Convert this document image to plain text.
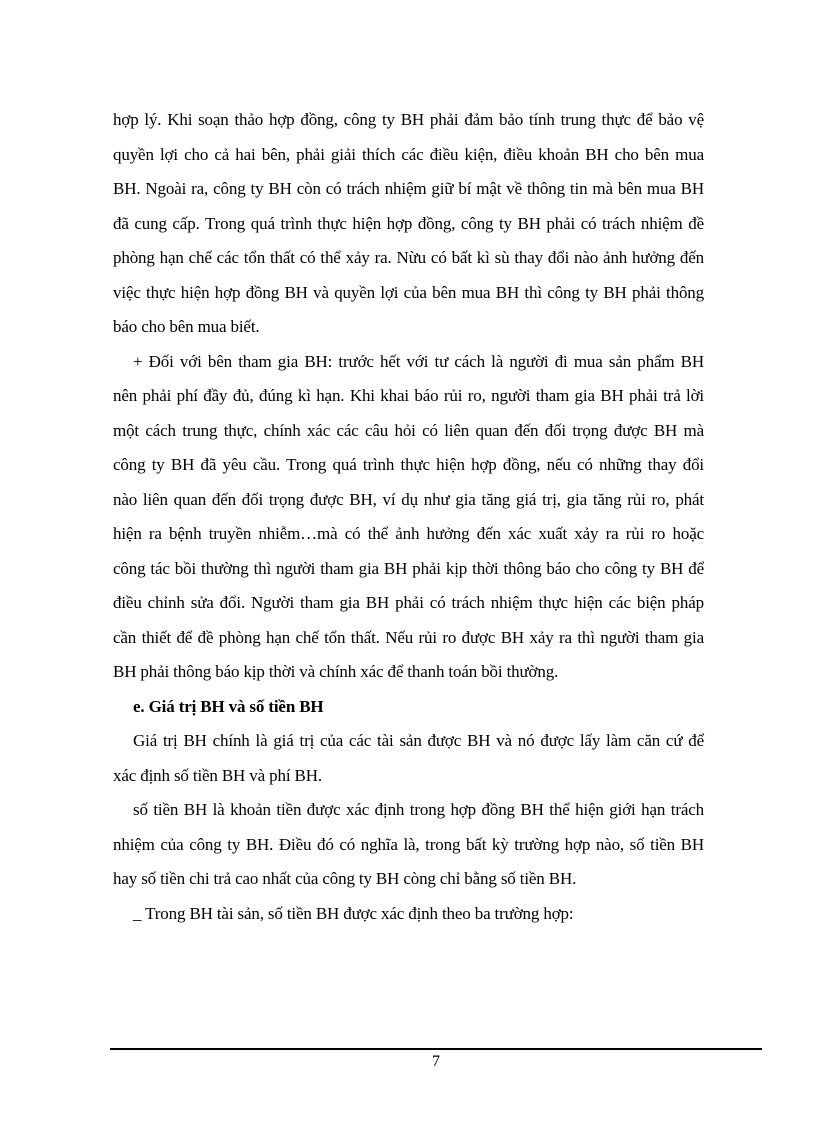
hợp lý. Khi soạn thảo hợp đồng, công ty BH phải đảm bảo tính trung thực để bảo vệ
quyền lợi cho cả hai bên, phải giải thích các điều kiện, điều khoản BH cho bên mua
BH. Ngoài ra, công ty BH còn có trách nhiệm giữ bí mật về thông tin mà bên mua BH
đã cung cấp. Trong quá trình thực hiện hợp đồng, công ty BH phải có trách nhiệm đề
phòng hạn chế các tổn thất có thể xảy ra. Nừu có bất kì sù thay đổi nào ảnh hưởng đến
việc thực hiện hợp đồng BH và quyền lợi của bên mua BH thì công ty BH phải thông
báo cho bên mua biết.
+ Đối với bên tham gia BH: trước hết với tư cách là người đi mua sản phẩm BH
nên phải phí đầy đủ, đúng kì hạn. Khi khai báo rủi ro, người tham gia BH phải trả lời
một cách trung thực, chính xác các câu hỏi có liên quan đến đối trọng được BH mà
công ty BH đã yêu cầu. Trong quá trình thực hiện hợp đồng, nếu có những thay đổi
nào liên quan đến đối trọng được BH, ví dụ như gia tăng giá trị, gia tăng rủi ro, phát
hiện ra bệnh truyền nhiễm…mà có thể ảnh hưởng đến xác xuất xảy ra rủi ro hoặc
công tác bồi thường thì người tham gia BH phải kịp thời thông báo cho công ty BH để
điều chỉnh sửa đổi. Người tham gia BH phải có trách nhiệm thực hiện các biện pháp
cần thiết để đề phòng hạn chế tổn thất. Nếu rủi ro được BH xảy ra thì người tham gia
BH phải thông báo kịp thời và chính xác để thanh toán bồi thường.
e. Giá trị BH và số tiền BH
Giá trị BH chính là giá trị của các tài sản được BH và nó được lấy làm căn cứ để
xác định số tiền BH và phí BH.
số tiền BH là khoản tiền được xác định trong hợp đồng BH thể hiện giới hạn trách
nhiệm của công ty BH. Điều đó có nghĩa là, trong bất kỳ trường hợp nào, số tiền BH
hay số tiền chi trả cao nhất của công ty BH còng chỉ bằng số tiền BH.
_ Trong BH tài sản, số tiền BH được xác định theo ba trường hợp:
7
